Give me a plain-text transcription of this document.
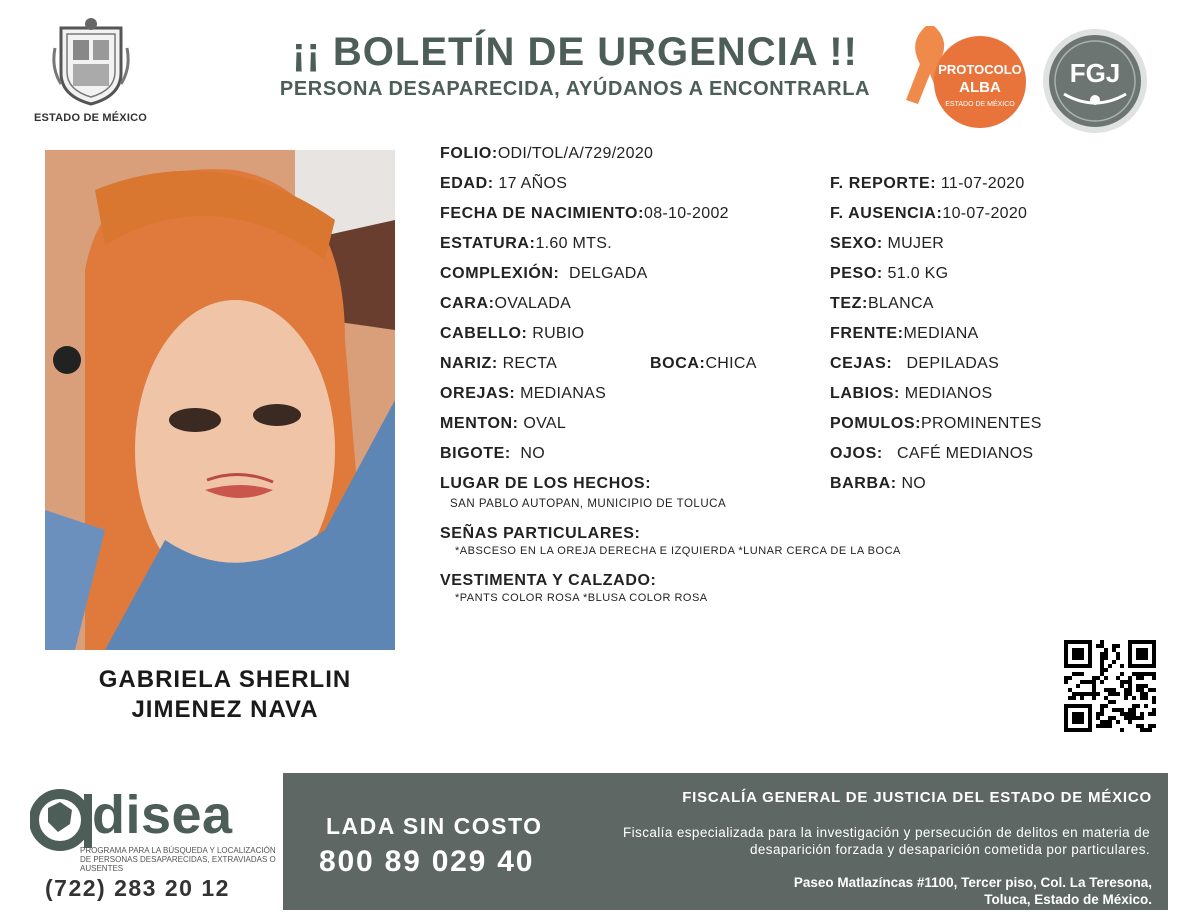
ESTADO DE MÉXICO
¡¡ BOLETÍN DE URGENCIA !!
PERSONA DESAPARECIDA, AYÚDANOS A ENCONTRARLA
PROTOCOLO
ALBA
ESTADO DE MÉXICO
FGJ
GABRIELA SHERLIN
JIMENEZ NAVA
FOLIO:ODI/TOL/A/729/2020
EDAD: 17 AÑOS
FECHA DE NACIMIENTO:08-10-2002
ESTATURA:1.60 MTS.
COMPLEXIÓN: DELGADA
CARA:OVALADA
CABELLO: RUBIO
NARIZ: RECTA	BOCA:CHICA
OREJAS: MEDIANAS
MENTON: OVAL
BIGOTE: NO
LUGAR DE LOS HECHOS:
SAN PABLO AUTOPAN, MUNICIPIO DE TOLUCA
SEÑAS PARTICULARES:
*ABSCESO EN LA OREJA DERECHA E IZQUIERDA *LUNAR CERCA DE LA BOCA
VESTIMENTA Y CALZADO:
*PANTS COLOR ROSA *BLUSA COLOR ROSA
F. REPORTE: 11-07-2020
F. AUSENCIA:10-07-2020
SEXO: MUJER
PESO: 51.0 KG
TEZ:BLANCA
FRENTE:MEDIANA
CEJAS: DEPILADAS
LABIOS: MEDIANOS
POMULOS:PROMINENTES
OJOS: CAFÉ MEDIANOS
BARBA: NO
disea
PROGRAMA PARA LA BÚSQUEDA Y LOCALIZACIÓN DE PERSONAS DESAPARECIDAS, EXTRAVIADAS O AUSENTES
(722) 283 20 12
LADA SIN COSTO
800 89 029 40
FISCALÍA GENERAL DE JUSTICIA DEL ESTADO DE MÉXICO
Fiscalía especializada para la investigación y persecución de delitos en materia de desaparición forzada y desaparición cometida por particulares.
Paseo Matlazíncas #1100, Tercer piso, Col. La Teresona,
Toluca, Estado de México.
